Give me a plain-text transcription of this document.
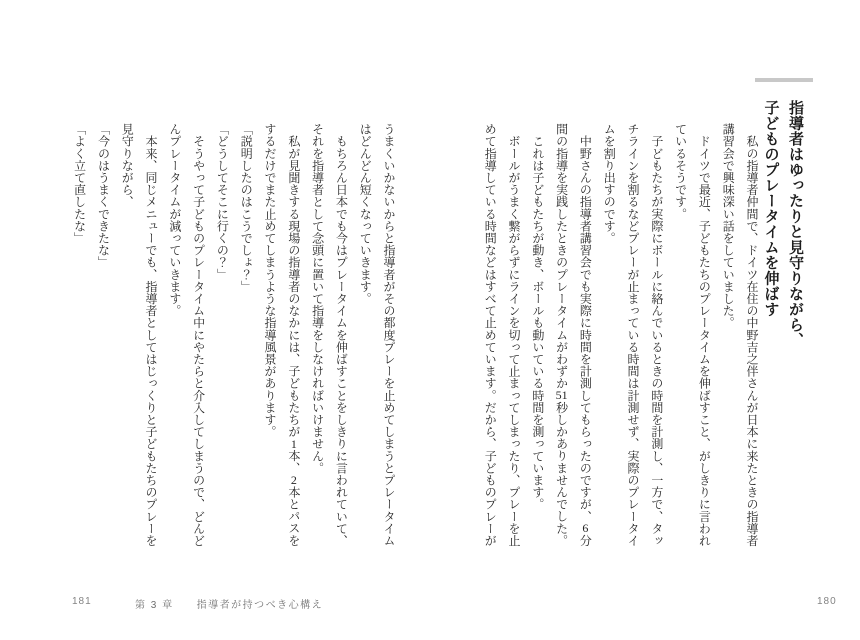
指導者はゆったりと見守りながら、
子どものプレータイムを伸ばす
　私の指導者仲間で、ドイツ在住の中野吉之伴さんが日本に来たときの指導者
講習会で興味深い話をしていました。
　ドイツで最近、子どもたちのプレータイムを伸ばすこと、がしきりに言われ
ているそうです。
　子どもたちが実際にボールに絡んでいるときの時間を計測し、一方で、タッ
チラインを割るなどプレーが止まっている時間は計測せず、実際のプレータイ
ムを割り出すのです。
　中野さんの指導者講習会でも実際に時間を計測してもらったのですが、6分
間の指導を実践したときのプレータイムがわずか51秒しかありませんでした。
　これは子どもたちが動き、ボールも動いている時間を測っています。
　ボールがうまく繋がらずにラインを切って止まってしまったり、プレーを止
めて指導している時間などはすべて止めています。だから、子どものプレーが
180
うまくいかないからと指導者がその都度プレーを止めてしまうとプレータイム
はどんどん短くなっていきます。
　もちろん日本でも今はプレータイムを伸ばすことをしきりに言われていて、
それを指導者として念頭に置いて指導をしなければいけません。
　私が見聞きする現場の指導者のなかには、子どもたちが1本、2本とパスを
するだけでまた止めてしまうような指導風景があります。
「説明したのはこうでしょ？」
「どうしてそこに行くの？」
　そうやって子どものプレータイム中にやたらと介入してしまうので、どんど
んプレータイムが減っていきます。
　本来、同じメニューでも、指導者としてはじっくりと子どもたちのプレーを
見守りながら、
「今のはうまくできたな」
「よく立て直したな」
第 3 章　　指導者が持つべき心構え
181
